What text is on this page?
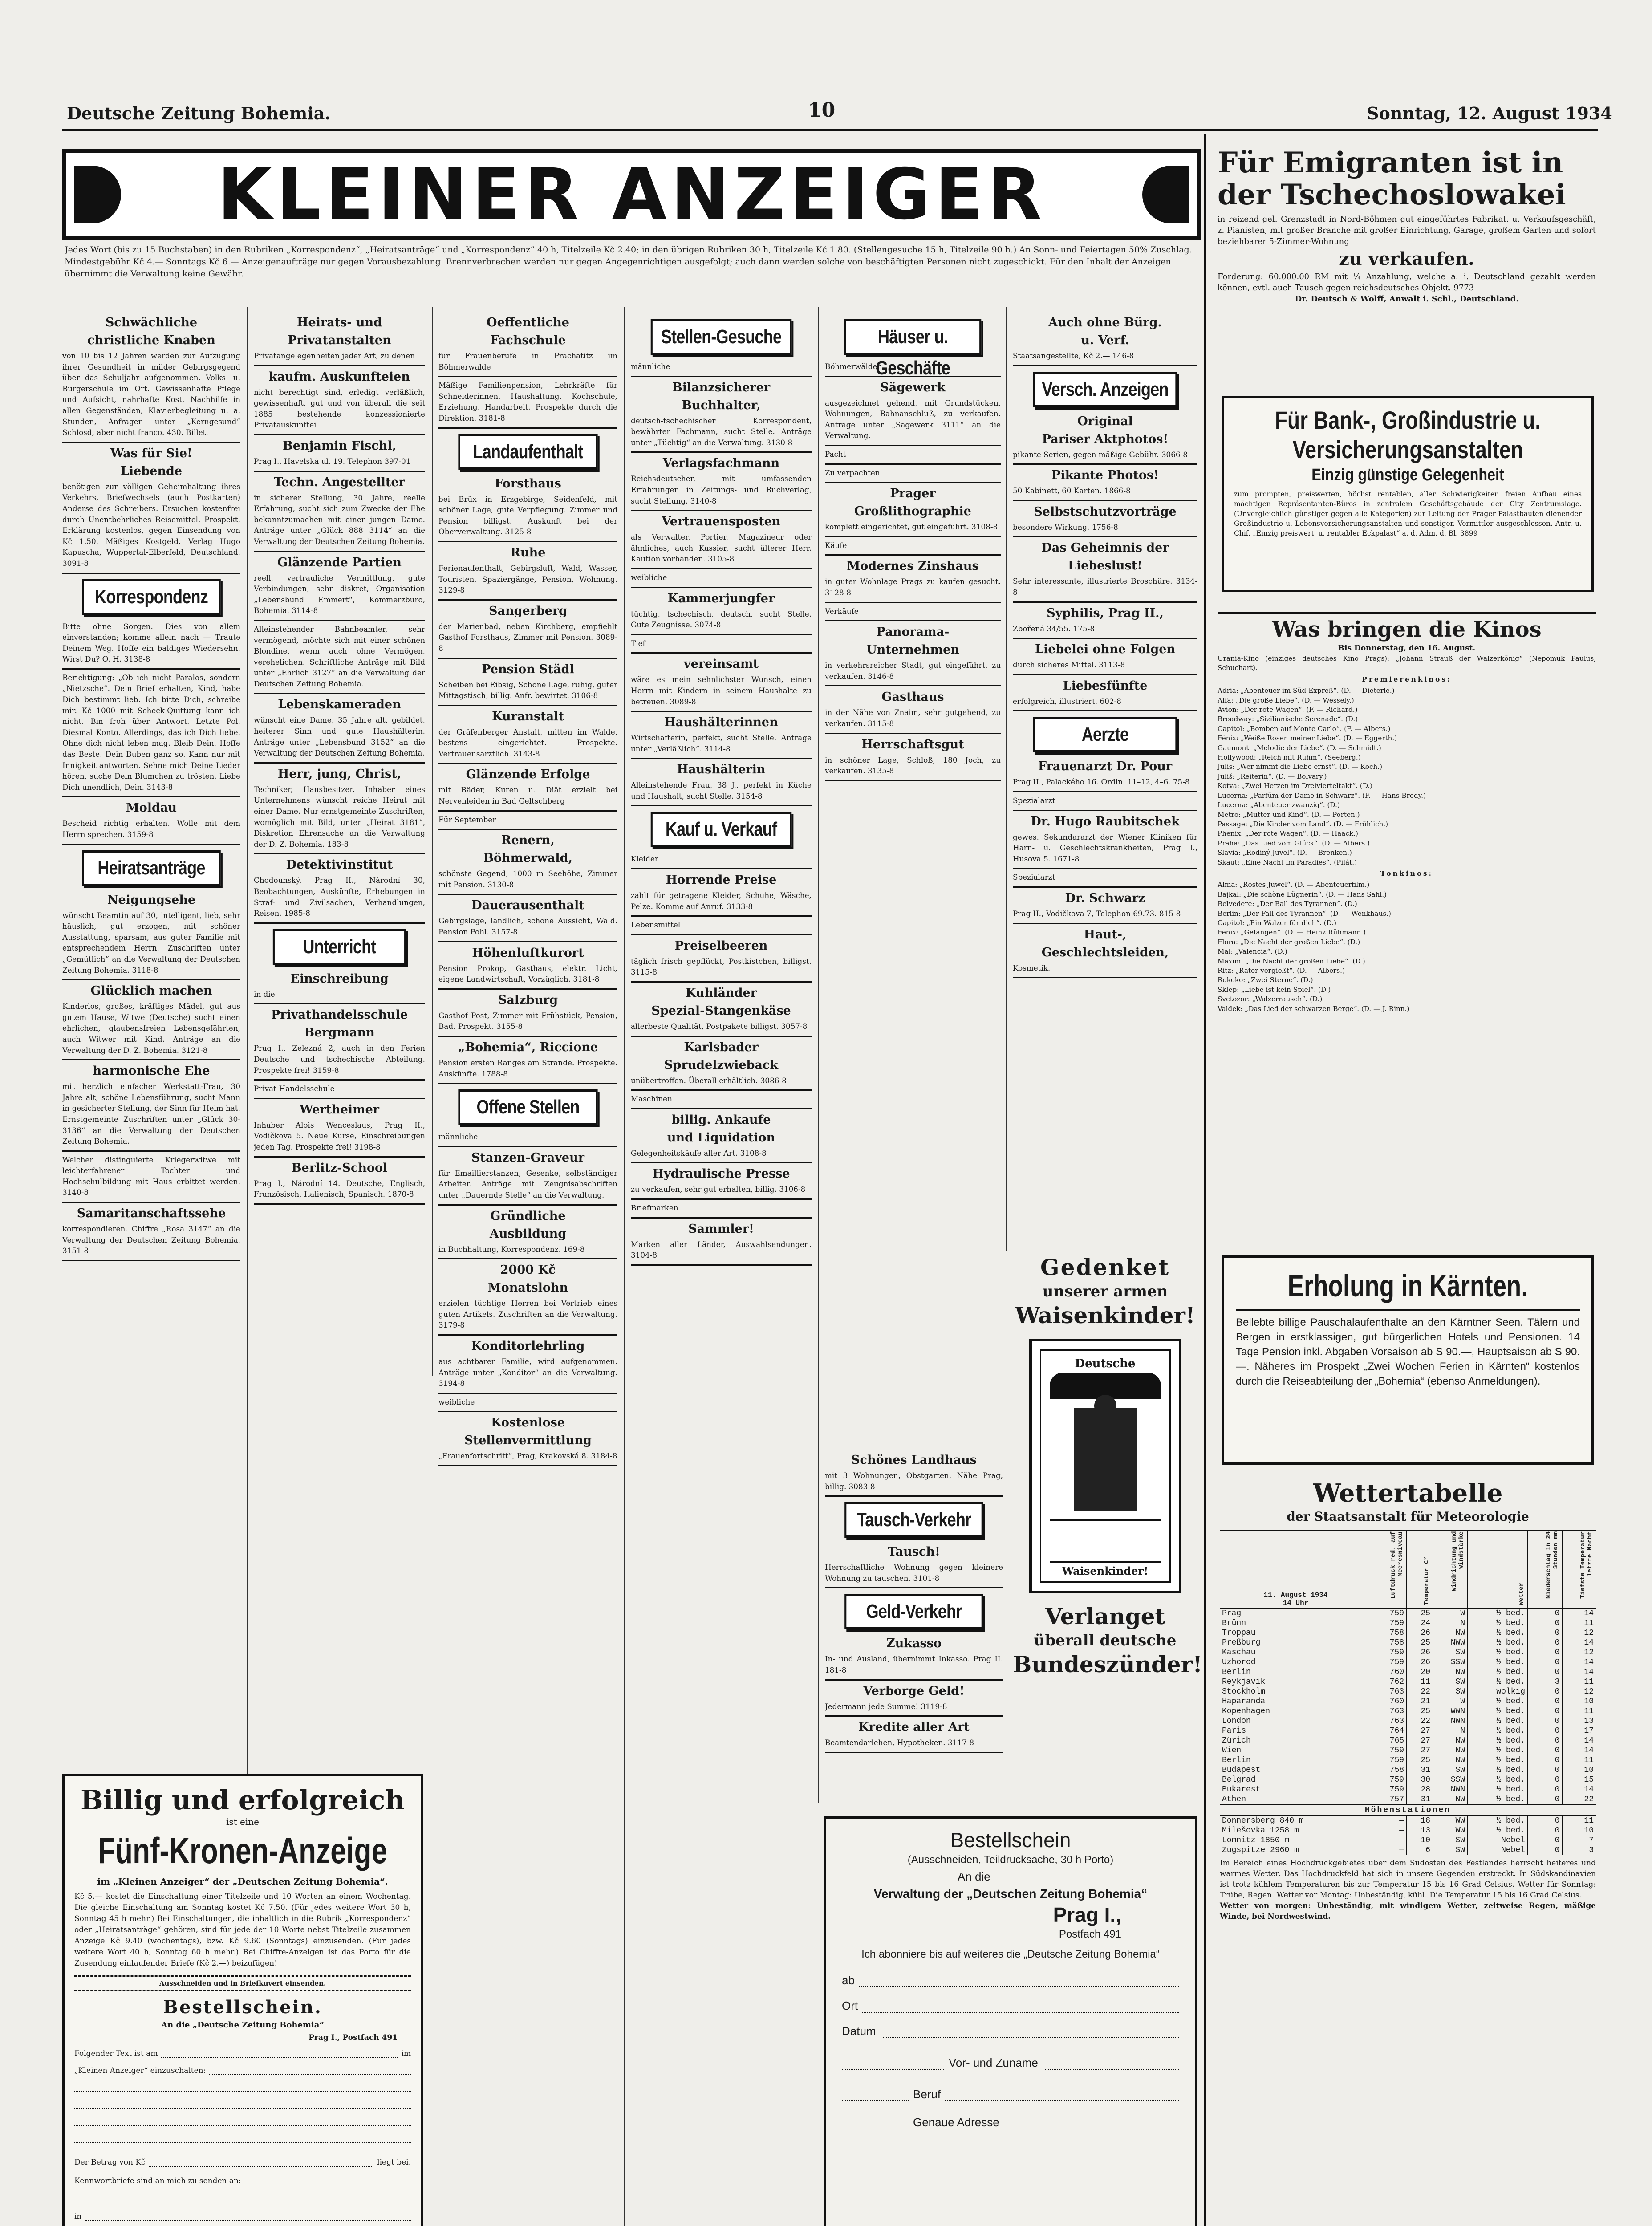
Deutsche Zeitung Bohemia.	10	Sonntag, 12. August 1934
KLEINER ANZEIGER
Jedes Wort (bis zu 15 Buchstaben) in den Rubriken „Korrespondenz“, „Heiratsanträge“ und „Korrespondenz“ 40 h, Titelzeile Kč 2.40; in den übrigen Rubriken 30 h, Titelzeile Kč 1.80. (Stellengesuche 15 h, Titelzeile 90 h.) An Sonn- und Feiertagen 50% Zuschlag. Mindestgebühr Kč 4.— Sonntags Kč 6.— Anzeigenaufträge nur gegen Vorausbezahlung. Brennverbrechen werden nur gegen Angegenrichtigen ausgefolgt; auch dann werden solche von beschäftigten Personen nicht zugeschickt. Für den Inhalt der Anzeigen übernimmt die Verwaltung keine Gewähr.
Schwächliche
christliche Knaben
von 10 bis 12 Jahren werden zur Aufzugung ihrer Gesundheit in milder Gebirgsgegend über das Schuljahr aufgenommen. Volks- u. Bürgerschule im Ort. Gewissenhafte Pflege und Aufsicht, nahrhafte Kost. Nachhilfe in allen Gegenständen, Klavierbegleitung u. a. Stunden, Anfragen unter „Kerngesund“ Schlosd, aber nicht franco. 430. Billet.
Was für Sie!
Liebende
benötigen zur völligen Geheimhaltung ihres Verkehrs, Briefwechsels (auch Postkarten) Anderse des Schreibers. Ersuchen kostenfrei durch Unentbehrliches Reisemittel. Prospekt, Erklärung kostenlos, gegen Einsendung von Kč 1.50. Mäßiges Kostgeld. Verlag Hugo Kapuscha, Wuppertal-Elberfeld, Deutschland. 3091-8
Korrespondenz
Bitte ohne Sorgen. Dies von allem einverstanden; komme allein nach — Traute Deinem Weg. Hoffe ein baldiges Wiedersehn. Wirst Du? O. H. 3138-8
Berichtigung: „Ob ich nicht Paralos, sondern „Nietzsche“. Dein Brief erhalten, Kind, habe Dich bestimmt lieb. Ich bitte Dich, schreibe mir. Kč 1000 mit Scheck-Quittung kann ich nicht. Bin froh über Antwort. Letzte Pol. Diesmal Konto. Allerdings, das ich Dich liebe. Ohne dich nicht leben mag. Bleib Dein. Hoffe das Beste. Dein Buben ganz so. Kann nur mit Innigkeit antworten. Sehne mich Deine Lieder hören, suche Dein Blumchen zu trösten. Liebe Dich unendlich, Dein. 3143-8
Moldau
Bescheid richtig erhalten. Wolle mit dem Herrn sprechen. 3159-8
Heiratsanträge
Neigungsehe
wünscht Beamtin auf 30, intelligent, lieb, sehr häuslich, gut erzogen, mit schöner Ausstattung, sparsam, aus guter Familie mit entsprechendem Herrn. Zuschriften unter „Gemütlich“ an die Verwaltung der Deutschen Zeitung Bohemia. 3118-8
Glücklich machen
Kinderlos, großes, kräftiges Mädel, gut aus gutem Hause, Witwe (Deutsche) sucht einen ehrlichen, glaubensfreien Lebensgefährten, auch Witwer mit Kind. Anträge an die Verwaltung der D. Z. Bohemia. 3121-8
harmonische Ehe
mit herzlich einfacher Werkstatt-Frau, 30 Jahre alt, schöne Lebensführung, sucht Mann in gesicherter Stellung, der Sinn für Heim hat. Ernstgemeinte Zuschriften unter „Glück 30-3136“ an die Verwaltung der Deutschen Zeitung Bohemia.
Welcher distinguierte Kriegerwitwe mit leichterfahrener Tochter und Hochschulbildung mit Haus erbittet werden. 3140-8
Samaritanschaftssehe
korrespondieren. Chiffre „Rosa 3147“ an die Verwaltung der Deutschen Zeitung Bohemia. 3151-8
Heirats- und
Privatanstalten
Privatangelegenheiten jeder Art, zu denen
kaufm. Auskunfteien
nicht berechtigt sind, erledigt verläßlich, gewissenhaft, gut und von überall die seit 1885 bestehende konzessionierte Privatauskunftei
Benjamin Fischl,
Prag I., Havelská ul. 19. Telephon 397-01
Techn. Angestellter
in sicherer Stellung, 30 Jahre, reelle Erfahrung, sucht sich zum Zwecke der Ehe bekanntzumachen mit einer jungen Dame. Anträge unter „Glück 888 3114“ an die Verwaltung der Deutschen Zeitung Bohemia.
Glänzende Partien
reell, vertrauliche Vermittlung, gute Verbindungen, sehr diskret, Organisation „Lebensbund Emmert“, Kommerzbüro, Bohemia. 3114-8
Alleinstehender Bahnbeamter, sehr vermögend, möchte sich mit einer schönen Blondine, wenn auch ohne Vermögen, verehelichen. Schriftliche Anträge mit Bild unter „Ehrlich 3127“ an die Verwaltung der Deutschen Zeitung Bohemia.
Lebenskameraden
wünscht eine Dame, 35 Jahre alt, gebildet, heiterer Sinn und gute Haushälterin. Anträge unter „Lebensbund 3152“ an die Verwaltung der Deutschen Zeitung Bohemia.
Herr, jung, Christ,
Techniker, Hausbesitzer, Inhaber eines Unternehmens wünscht reiche Heirat mit einer Dame. Nur ernstgemeinte Zuschriften, womöglich mit Bild, unter „Heirat 3181“, Diskretion Ehrensache an die Verwaltung der D. Z. Bohemia. 183-8
Detektivinstitut
Chodounský, Prag II., Národní 30, Beobachtungen, Auskünfte, Erhebungen in Straf- und Zivilsachen, Verhandlungen, Reisen. 1985-8
Unterricht
Einschreibung
in die
Privathandelsschule
Bergmann
Prag I., Zelezná 2, auch in den Ferien Deutsche und tschechische Abteilung. Prospekte frei! 3159-8
Privat-Handelsschule
Wertheimer
Inhaber Alois Wenceslaus, Prag II., Vodičkova 5. Neue Kurse, Einschreibungen jeden Tag. Prospekte frei! 3198-8
Berlitz-School
Prag I., Národní 14. Deutsche, Englisch, Französisch, Italienisch, Spanisch. 1870-8
Oeffentliche
Fachschule
für Frauenberufe in Prachatitz im Böhmerwalde
Mäßige Familienpension, Lehrkräfte für Schneiderinnen, Haushaltung, Kochschule, Erziehung, Handarbeit. Prospekte durch die Direktion. 3181-8
Landaufenthalt
Forsthaus
bei Brüx in Erzgebirge, Seidenfeld, mit schöner Lage, gute Verpflegung. Zimmer und Pension billigst. Auskunft bei der Oberverwaltung. 3125-8
Ruhe
Ferienaufenthalt, Gebirgsluft, Wald, Wasser, Touristen, Spaziergänge, Pension, Wohnung. 3129-8
Sangerberg
der Marienbad, neben Kirchberg, empfiehlt Gasthof Forsthaus, Zimmer mit Pension. 3089-8
Pension Städl
Scheiben bei Eibsig, Schöne Lage, ruhig, guter Mittagstisch, billig. Anfr. bewirtet. 3106-8
Kuranstalt
der Gräfenberger Anstalt, mitten im Walde, bestens eingerichtet. Prospekte. Vertrauensärztlich. 3143-8
Glänzende Erfolge
mit Bäder, Kuren u. Diät erzielt bei Nervenleiden in Bad Geltschberg
Für September
Renern,
Böhmerwald,
schönste Gegend, 1000 m Seehöhe, Zimmer mit Pension. 3130-8
Dauerausenthalt
Gebirgslage, ländlich, schöne Aussicht, Wald. Pension Pohl. 3157-8
Höhenluftkurort
Pension Prokop, Gasthaus, elektr. Licht, eigene Landwirtschaft, Vorzüglich. 3181-8
Salzburg
Gasthof Post, Zimmer mit Frühstück, Pension, Bad. Prospekt. 3155-8
„Bohemia“, Riccione
Pension ersten Ranges am Strande. Prospekte. Auskünfte. 1788-8
Offene Stellen
männliche
Stanzen-Graveur
für Emaillierstanzen, Gesenke, selbständiger Arbeiter. Anträge mit Zeugnisabschriften unter „Dauernde Stelle“ an die Verwaltung.
Gründliche
Ausbildung
in Buchhaltung, Korrespondenz. 169-8
2000 Kč
Monatslohn
erzielen tüchtige Herren bei Vertrieb eines guten Artikels. Zuschriften an die Verwaltung. 3179-8
Konditorlehrling
aus achtbarer Familie, wird aufgenommen. Anträge unter „Konditor“ an die Verwaltung. 3194-8
weibliche
Kostenlose
Stellenvermittlung
„Frauenfortschritt“, Prag, Krakovská 8. 3184-8
Stellen-Gesuche
männliche
Bilanzsicherer
Buchhalter,
deutsch-tschechischer Korrespondent, bewährter Fachmann, sucht Stelle. Anträge unter „Tüchtig“ an die Verwaltung. 3130-8
Verlagsfachmann
Reichsdeutscher, mit umfassenden Erfahrungen in Zeitungs- und Buchverlag, sucht Stellung. 3140-8
Vertrauensposten
als Verwalter, Portier, Magazineur oder ähnliches, auch Kassier, sucht älterer Herr. Kaution vorhanden. 3105-8
weibliche
Kammerjungfer
tüchtig, tschechisch, deutsch, sucht Stelle. Gute Zeugnisse. 3074-8
Tief
vereinsamt
wäre es mein sehnlichster Wunsch, einen Herrn mit Kindern in seinem Haushalte zu betreuen. 3089-8
Haushälterinnen
Wirtschafterin, perfekt, sucht Stelle. Anträge unter „Verläßlich“. 3114-8
Haushälterin
Alleinstehende Frau, 38 J., perfekt in Küche und Haushalt, sucht Stelle. 3154-8
Kauf u. Verkauf
Kleider
Horrende Preise
zahlt für getragene Kleider, Schuhe, Wäsche, Pelze. Komme auf Anruf. 3133-8
Lebensmittel
Preiselbeeren
täglich frisch gepflückt, Postkistchen, billigst. 3115-8
Kuhländer
Spezial-Stangenkäse
allerbeste Qualität, Postpakete billigst. 3057-8
Karlsbader
Sprudelzwieback
unübertroffen. Überall erhältlich. 3086-8
Maschinen
billig. Ankaufe
und Liquidation
Gelegenheitskäufe aller Art. 3108-8
Hydraulische Presse
zu verkaufen, sehr gut erhalten, billig. 3106-8
Briefmarken
Sammler!
Marken aller Länder, Auswahlsendungen. 3104-8
Häuser u. Geschäfte
Böhmerwälder
Sägewerk
ausgezeichnet gehend, mit Grundstücken, Wohnungen, Bahnanschluß, zu verkaufen. Anträge unter „Sägewerk 3111“ an die Verwaltung.
Pacht
Zu verpachten
Prager
Großlithographie
komplett eingerichtet, gut eingeführt. 3108-8
Käufe
Modernes Zinshaus
in guter Wohnlage Prags zu kaufen gesucht. 3128-8
Verkäufe
Panorama-
Unternehmen
in verkehrsreicher Stadt, gut eingeführt, zu verkaufen. 3146-8
Gasthaus
in der Nähe von Znaim, sehr gutgehend, zu verkaufen. 3115-8
Herrschaftsgut
in schöner Lage, Schloß, 180 Joch, zu verkaufen. 3135-8
Auch ohne Bürg.
u. Verf.
Staatsangestellte, Kč 2.— 146-8
Versch. Anzeigen
Original
Pariser Aktphotos!
pikante Serien, gegen mäßige Gebühr. 3066-8
Pikante Photos!
50 Kabinett, 60 Karten. 1866-8
Selbstschutzvorträge
besondere Wirkung. 1756-8
Das Geheimnis der
Liebeslust!
Sehr interessante, illustrierte Broschüre. 3134-8
Syphilis, Prag II.,
Zbořená 34/55. 175-8
Liebelei ohne Folgen
durch sicheres Mittel. 3113-8
Liebesfünfte
erfolgreich, illustriert. 602-8
Aerzte
Frauenarzt Dr. Pour
Prag II., Palackého 16. Ordin. 11–12, 4–6. 75-8
Spezialarzt
Dr. Hugo Raubitschek
gewes. Sekundararzt der Wiener Kliniken für Harn- u. Geschlechtskrankheiten, Prag I., Husova 5. 1671-8
Spezialarzt
Dr. Schwarz
Prag II., Vodičkova 7, Telephon 69.73. 815-8
Haut-,
Geschlechtsleiden,
Kosmetik.
Schönes Landhaus
mit 3 Wohnungen, Obstgarten, Nähe Prag, billig. 3083-8
Tausch-Verkehr
Tausch!
Herrschaftliche Wohnung gegen kleinere Wohnung zu tauschen. 3101-8
Geld-Verkehr
Zukasso
In- und Ausland, übernimmt Inkasso. Prag II. 181-8
Verborge Geld!
Jedermann jede Summe! 3119-8
Kredite aller Art
Beamtendarlehen, Hypotheken. 3117-8
Billig und erfolgreich
ist eine
Fünf-Kronen-Anzeige
im „Kleinen Anzeiger“ der „Deutschen Zeitung Bohemia“.
Kč 5.— kostet die Einschaltung einer Titelzeile und 10 Worten an einem Wochentag. Die gleiche Einschaltung am Sonntag kostet Kč 7.50. (Für jedes weitere Wort 30 h, Sonntag 45 h mehr.) Bei Einschaltungen, die inhaltlich in die Rubrik „Korrespondenz“ oder „Heiratsanträge“ gehören, sind für jede der 10 Worte nebst Titelzeile zusammen Anzeige Kč 9.40 (wochentags), bzw. Kč 9.60 (Sonntags) einzusenden. (Für jedes weitere Wort 40 h, Sonntag 60 h mehr.) Bei Chiffre-Anzeigen ist das Porto für die Zusendung einlaufender Briefe (Kč 2.—) beizufügen!
Ausschneiden und in Briefkuvert einsenden.
Bestellschein.
An die „Deutsche Zeitung Bohemia“
Prag I., Postfach 491
Folgender Text ist am	im
„Kleinen Anzeiger“ einzuschalten:
Der Betrag von Kč	liegt bei.
Kennwortbriefe sind an mich zu senden an:
in
Gedenket
unserer armen
Waisenkinder!
Deutsche
Waisenkinder!
Verlanget
überall deutsche
Bundeszünder!
Bestellschein
(Ausschneiden, Teildrucksache, 30 h Porto)
An die
Verwaltung der „Deutschen Zeitung Bohemia“
Prag I.,
Postfach 491
Ich abonniere bis auf weiteres die „Deutsche Zeitung Bohemia“
ab
Ort
Datum
Vor- und Zuname
Beruf
Genaue Adresse
Für Emigranten ist in der Tschechoslowakei
in reizend gel. Grenzstadt in Nord-Böhmen gut eingeführtes Fabrikat. u. Verkaufsgeschäft, z. Pianisten, mit großer Branche mit großer Einrichtung, Garage, großem Garten und sofort beziehbarer 5-Zimmer-Wohnung
zu verkaufen.
Forderung: 60.000.00 RM mit ¼ Anzahlung, welche a. i. Deutschland gezahlt werden können, evtl. auch Tausch gegen reichsdeutsches Objekt. 9773
Dr. Deutsch & Wolff, Anwalt i. Schl., Deutschland.
Für Bank-, Großindustrie u. Versicherungsanstalten
Einzig günstige Gelegenheit
zum prompten, preiswerten, höchst rentablen, aller Schwierigkeiten freien Aufbau eines mächtigen Repräsentanten-Büros in zentralem Geschäftsgebäude der City Zentrumslage. (Unvergleichlich günstiger gegen alle Kategorien) zur Leitung der Prager Palastbauten dienender Großindustrie u. Lebensversicherungsanstalten und sonstiger. Vermittler ausgeschlossen. Antr. u. Chif. „Einzig preiswert, u. rentabler Eckpalast“ a. d. Adm. d. Bl. 3899
Was bringen die Kinos
Bis Donnerstag, den 16. August.
Urania-Kino (einziges deutsches Kino Prags): „Johann Strauß der Walzerkönig“ (Nepomuk Paulus, Schuchart).
Premierenkinos:
Adria: „Abenteuer im Süd-Expreß“. (D. — Dieterle.)
Alfa: „Die große Liebe“. (D. — Wessely.)
Avion: „Der rote Wagen“. (F. — Richard.)
Broadway: „Sizilianische Serenade“. (D.)
Capitol: „Bomben auf Monte Carlo“. (F. — Albers.)
Fénix: „Weiße Rosen meiner Liebe“. (D. — Eggerth.)
Gaumont: „Melodie der Liebe“. (D. — Schmidt.)
Hollywood: „Reich mit Ruhm“. (Seeberg.)
Julis: „Wer nimmt die Liebe ernst“. (D. — Koch.)
Juliš: „Reiterin“. (D. — Bolvary.)
Kotva: „Zwei Herzen im Dreivierteltakt“. (D.)
Lucerna: „Parfüm der Dame in Schwarz“. (F. — Hans Brody.)
Lucerna: „Abenteuer zwanzig“. (D.)
Metro: „Mutter und Kind“. (D. — Porten.)
Passage: „Die Kinder vom Land“. (D. — Fröhlich.)
Phenix: „Der rote Wagen“. (D. — Haack.)
Praha: „Das Lied vom Glück“. (D. — Albers.)
Slavia: „Rodiný Juvel“. (D. — Brenken.)
Skaut: „Eine Nacht im Paradies“. (Pilát.)
Tonkinos:
Alma: „Rostes Juwel“. (D. — Abenteuerfilm.)
Bajkal: „Die schöne Lügnerin“. (D. — Hans Sahl.)
Belvedere: „Der Ball des Tyrannen“. (D.)
Berlin: „Der Fall des Tyrannen“. (D. — Wenkhaus.)
Capitol: „Ein Walzer für dich“. (D.)
Fenix: „Gefangen“. (D. — Heinz Rühmann.)
Flora: „Die Nacht der großen Liebe“. (D.)
Mal: „Valencia“. (D.)
Maxim: „Die Nacht der großen Liebe“. (D.)
Ritz: „Rater vergießt“. (D. — Albers.)
Rokoko: „Zwei Sterne“. (D.)
Sklep: „Liebe ist kein Spiel“. (D.)
Svetozor: „Walzerrausch“. (D.)
Valdek: „Das Lied der schwarzen Berge“. (D. — J. Rinn.)
Erholung in Kärnten.
Bellebte billige Pauschalaufenthalte an den Kärntner Seen, Tälern und Bergen in erstklassigen, gut bürgerlichen Hotels und Pensionen. 14 Tage Pension inkl. Abgaben Vorsaison ab S 90.—, Hauptsaison ab S 90.—. Näheres im Prospekt „Zwei Wochen Ferien in Kärnten“ kostenlos durch die Reiseabteilung der „Bohemia“ (ebenso Anmeldungen).
Wettertabelle
der Staatsanstalt für Meteorologie
11. August 1934
14 Uhr	Luftdruck red. auf Meeresniveau	Temperatur C°	Windrichtung und Windstärke	Wetter	Niederschlag in 24 Stunden mm	Tiefste Temperatur letzte Nacht
Prag	759	25	W	½ bed.	0	14
Brünn	759	24	N	½ bed.	0	11
Troppau	758	26	NW	½ bed.	0	12
Preßburg	758	25	NWW	½ bed.	0	14
Kaschau	759	26	SW	½ bed.	0	12
Uzhorod	759	26	SSW	½ bed.	0	14
Berlin	760	20	NW	½ bed.	0	14
Reykjavík	762	11	SW	½ bed.	3	11
Stockholm	763	22	SW	wolkig	0	12
Haparanda	760	21	W	½ bed.	0	10
Kopenhagen	763	25	WWN	½ bed.	0	11
London	763	22	NWN	½ bed.	0	13
Paris	764	27	N	½ bed.	0	17
Zürich	765	27	NW	½ bed.	0	14
Wien	759	27	NW	½ bed.	0	14
Berlin	759	25	NW	½ bed.	0	11
Budapest	758	31	SW	½ bed.	0	10
Belgrad	759	30	SSW	½ bed.	0	15
Bukarest	759	28	NWN	½ bed.	0	14
Athen	757	31	NW	½ bed.	0	22
Höhenstationen						
Donnersberg 840 m	—	18	WW	½ bed.	0	11
Milešovka 1258 m	—	13	WW	½ bed.	0	10
Lomnitz 1850 m	—	10	SW	Nebel	0	7
Zugspitze 2960 m	—	6	SW	Nebel	0	3
Im Bereich eines Hochdruckgebietes über dem Südosten des Festlandes herrscht heiteres und warmes Wetter. Das Hochdruckfeld hat sich in unsere Gegenden erstreckt. In Südskandinavien ist trotz kühlem Temperaturen bis zur Temperatur 15 bis 16 Grad Celsius. Wetter für Sonntag: Trübe, Regen. Wetter vor Montag: Unbeständig, kühl. Die Temperatur 15 bis 16 Grad Celsius.
Wetter von morgen: Unbeständig, mit windigem Wetter, zeitweise Regen, mäßige Winde, bei Nordwestwind.
